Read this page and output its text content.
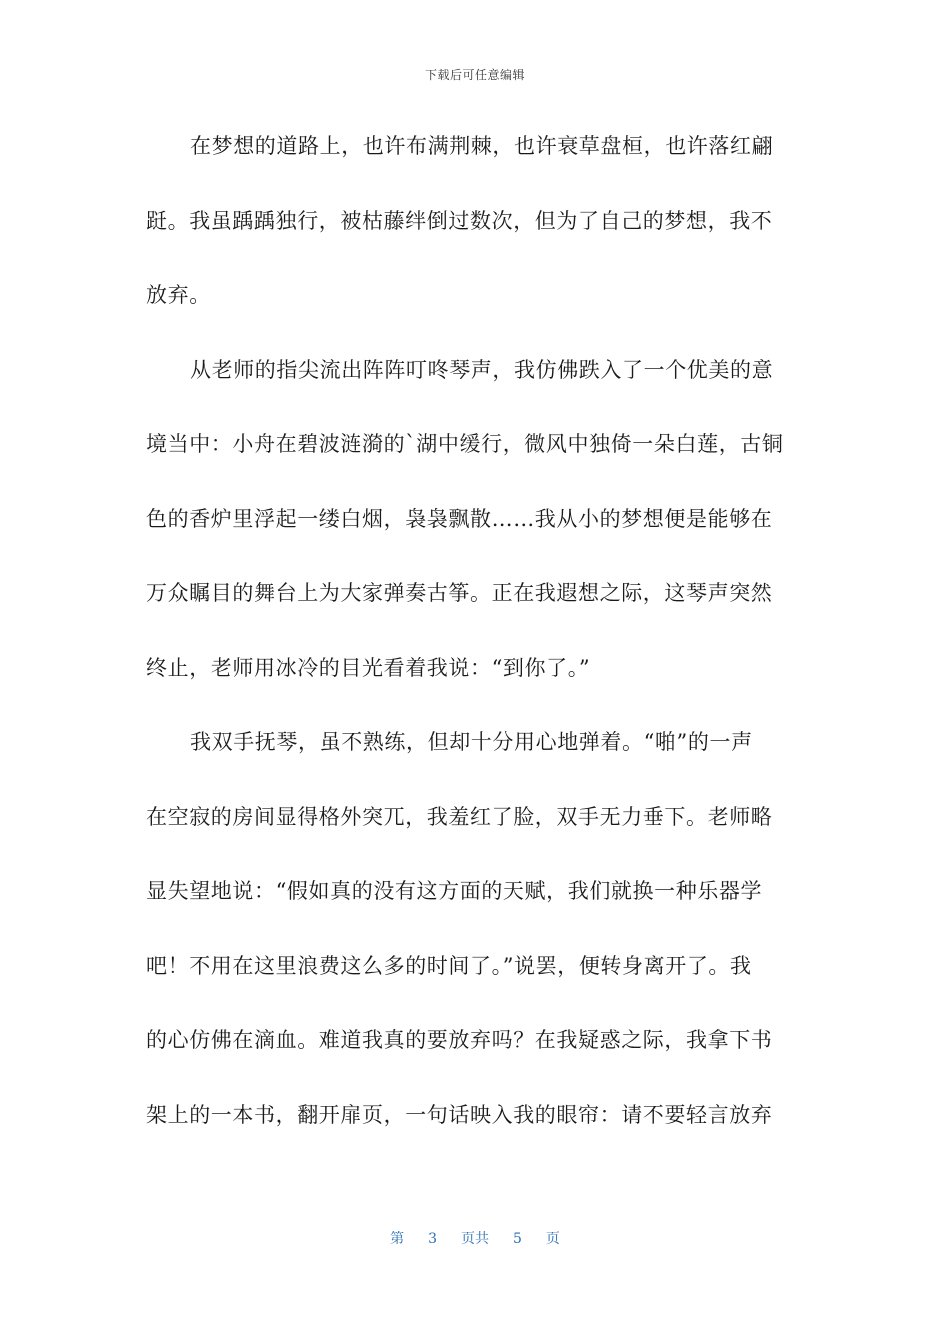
下载后可任意编辑
在梦想的道路上，也许布满荆棘，也许衰草盘桓，也许落红翩
跹。我虽踽踽独行，被枯藤绊倒过数次，但为了自己的梦想，我不
放弃。
从老师的指尖流出阵阵叮咚琴声，我仿佛跌入了一个优美的意
境当中：小舟在碧波涟漪的`湖中缓行，微风中独倚一朵白莲，古铜
色的香炉里浮起一缕白烟，袅袅飘散……我从小的梦想便是能够在
万众瞩目的舞台上为大家弹奏古筝。正在我遐想之际，这琴声突然
终止，老师用冰冷的目光看着我说：“到你了。”
我双手抚琴，虽不熟练，但却十分用心地弹着。“啪”的一声
在空寂的房间显得格外突兀，我羞红了脸，双手无力垂下。老师略
显失望地说：“假如真的没有这方面的天赋，我们就换一种乐器学
吧！不用在这里浪费这么多的时间了。”说罢，便转身离开了。我
的心仿佛在滴血。难道我真的要放弃吗？在我疑惑之际，我拿下书
架上的一本书，翻开扉页，一句话映入我的眼帘：请不要轻言放弃
第 3 页共 5 页
